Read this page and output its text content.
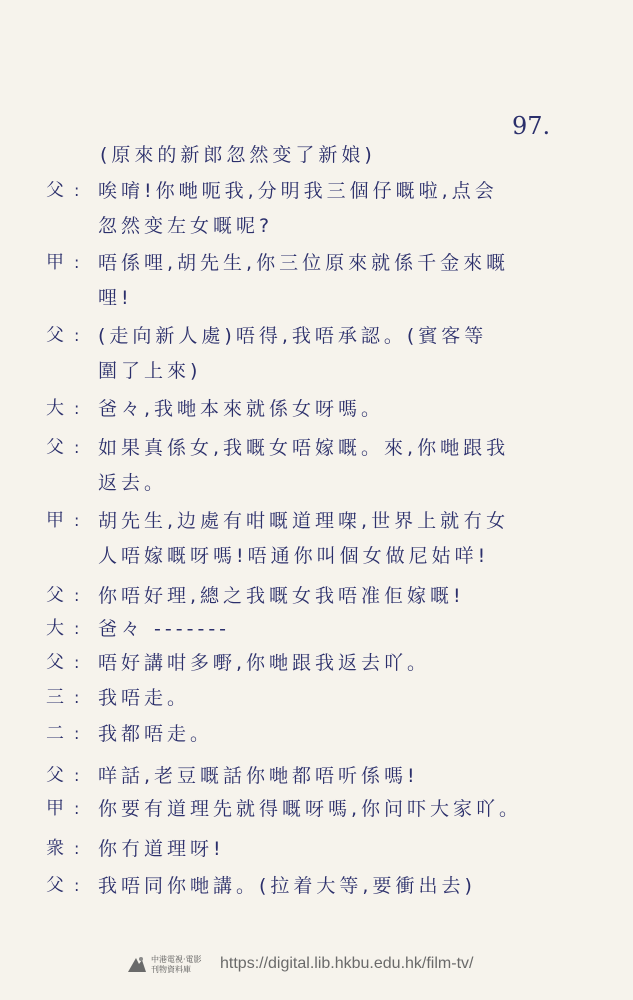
97.
(原來的新郎忽然变了新娘)
父 : 唉唷!你哋呃我,分明我三個仔嘅啦,点会
忽然变左女嘅呢?
甲 : 唔係哩,胡先生,你三位原來就係千金來嘅
哩!
父 : (走向新人處)唔得,我唔承認。(賓客等
圍了上來)
大 : 爸々,我哋本來就係女呀嗎。
父 : 如果真係女,我嘅女唔嫁嘅。來,你哋跟我
返去。
甲 : 胡先生,边處有咁嘅道理㗎,世界上就冇女
人唔嫁嘅呀嗎!唔通你叫個女做尼姑咩!
父 : 你唔好理,總之我嘅女我唔准佢嫁嘅!
大 : 爸々 -------
父 : 唔好講咁多嘢,你哋跟我返去吖。
三 : 我唔走。
二 : 我都唔走。
父 : 咩話,老豆嘅話你哋都唔听係嗎!
甲 : 你要有道理先就得嘅呀嗎,你问吓大家吖。
衆 : 你冇道理呀!
父 : 我唔同你哋講。(拉着大等,要衝出去)
中港電視·電影
刊物資料庫	https://digital.lib.hkbu.edu.hk/film-tv/
